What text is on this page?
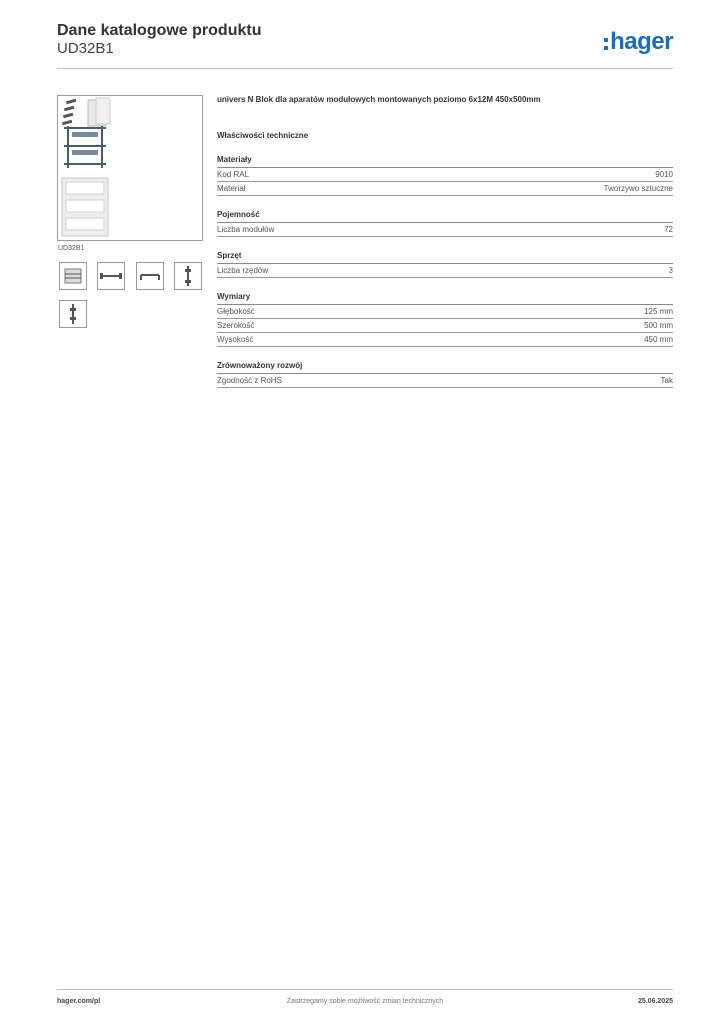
Dane katalogowe produktu
UD32B1	hager
UD32B1
univers N Blok dla aparatów modułowych montowanych poziomo 6x12M 450x500mm
Właściwości techniczne
Materiały
Kod RAL	9010
Materiał	Tworzywo sztuczne
Pojemność
Liczba modułów	72
Sprzęt
Liczba rzędów	3
Wymiary
Głębokość	125 mm
Szerokość	500 mm
Wysokość	450 mm
Zrównoważony rozwój
Zgodność z RoHS	Tak
hager.com/pl	Zastrzegamy sobie możliwość zmian technicznych	25.06.2025
